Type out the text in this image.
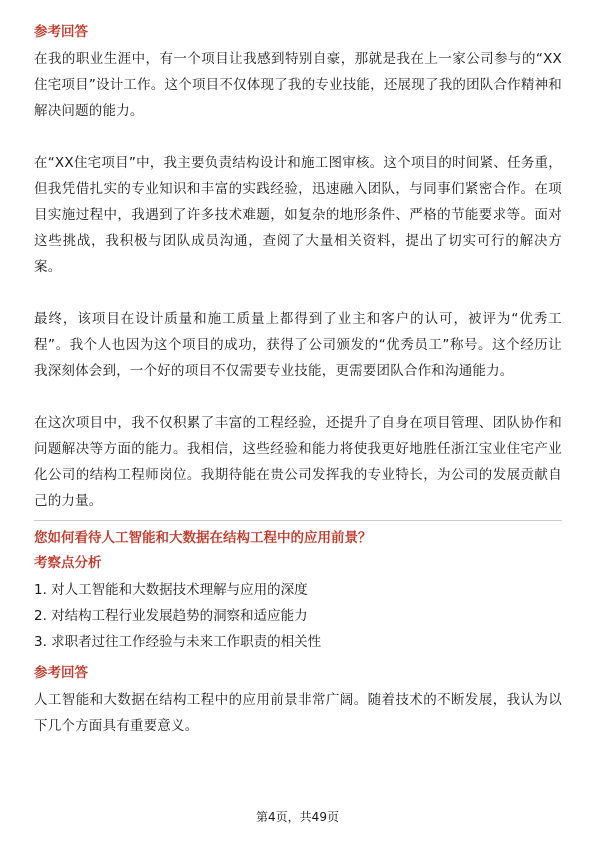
参考回答

在我的职业生涯中，有一个项目让我感到特别自豪，那就是我在上一家公司参与的“XX住宅项目”设计工作。这个项目不仅体现了我的专业技能，还展现了我的团队合作精神和解决问题的能力。

在“XX住宅项目”中，我主要负责结构设计和施工图审核。这个项目的时间紧、任务重，但我凭借扎实的专业知识和丰富的实践经验，迅速融入团队，与同事们紧密合作。在项目实施过程中，我遇到了许多技术难题，如复杂的地形条件、严格的节能要求等。面对这些挑战，我积极与团队成员沟通，查阅了大量相关资料，提出了切实可行的解决方案。

最终，该项目在设计质量和施工质量上都得到了业主和客户的认可，被评为“优秀工程”。我个人也因为这个项目的成功，获得了公司颁发的“优秀员工”称号。这个经历让我深刻体会到，一个好的项目不仅需要专业技能，更需要团队合作和沟通能力。

在这次项目中，我不仅积累了丰富的工程经验，还提升了自身在项目管理、团队协作和问题解决等方面的能力。我相信，这些经验和能力将使我更好地胜任浙江宝业住宅产业化公司的结构工程师岗位。我期待能在贵公司发挥我的专业特长，为公司的发展贡献自己的力量。

您如何看待人工智能和大数据在结构工程中的应用前景？

考察点分析

1. 对人工智能和大数据技术理解与应用的深度

2. 对结构工程行业发展趋势的洞察和适应能力

3. 求职者过往工作经验与未来工作职责的相关性

参考回答

人工智能和大数据在结构工程中的应用前景非常广阔。随着技术的不断发展，我认为以下几个方面具有重要意义。

第4页，共49页
